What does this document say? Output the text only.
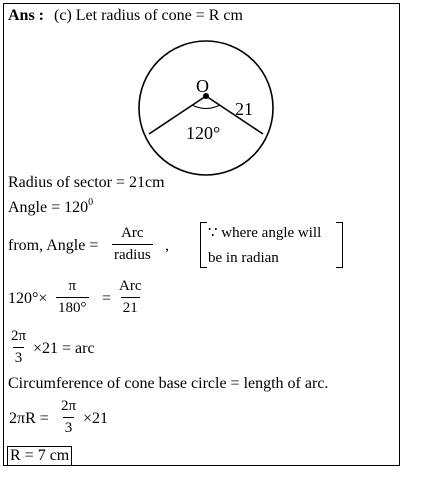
Ans : (c) Let radius of cone = R cm
O
21
120°
Radius of sector = 21cm
Angle = $120^0$
from, Angle =
Arc
radius
,
∵ where angle will
be in radian
$120^\circ\times \frac{\pi}{180^\circ}$ =
Arc
21
$\frac{2\pi}{3} \times 21$ = arc
Circumference of cone base circle = length of arc.
$2\pi R = \frac{2\pi}{3} \times 21$
R = 7 cm
